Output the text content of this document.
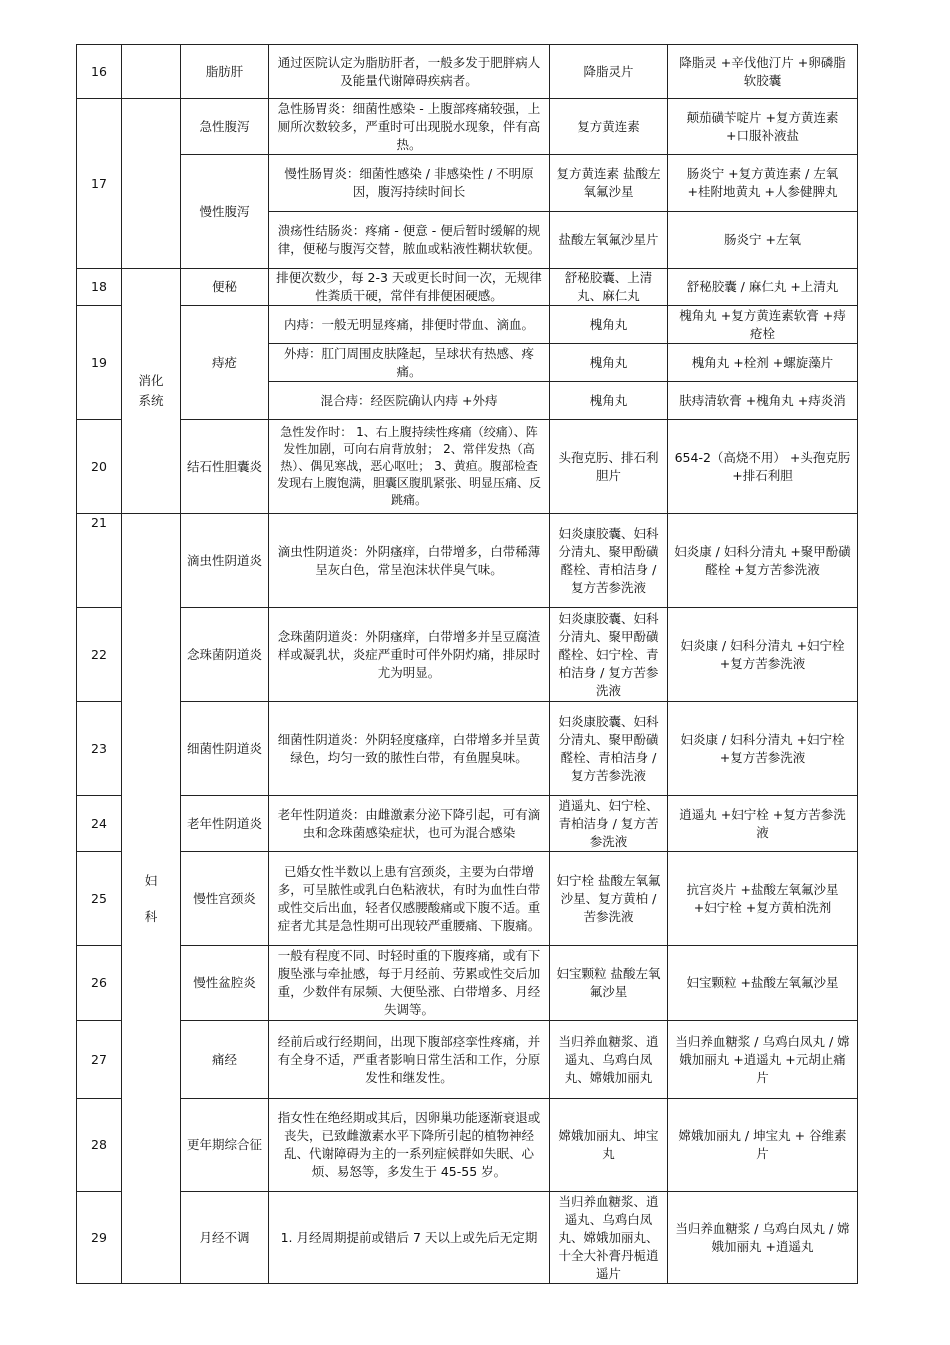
16		脂肪肝	通过医院认定为脂肪肝者，一般多发于肥胖病人及能量代谢障碍疾病者。	降脂灵片	降脂灵 +辛伐他汀片 +卵磷脂软胶囊
17		急性腹泻	急性肠胃炎：细菌性感染 - 上腹部疼痛较强，上厕所次数较多，严重时可出现脱水现象，伴有高热。	复方黄连素	颠茄磺苄啶片 +复方黄连素 +口服补液盐
		慢性腹泻	慢性肠胃炎：细菌性感染 / 非感染性 / 不明原因，腹泻持续时间长	复方黄连素 盐酸左氧氟沙星	肠炎宁 +复方黄连素 / 左氧 +桂附地黄丸 +人参健脾丸
			溃疡性结肠炎：疼痛 - 便意 - 便后暂时缓解的规律，便秘与腹泻交替，脓血或粘液性糊状软便。	盐酸左氧氟沙星片	肠炎宁 +左氧
18	消化系统	便秘	排便次数少，每 2-3 天或更长时间一次，无规律性粪质干硬，常伴有排便困硬感。	舒秘胶囊、上清丸、麻仁丸	舒秘胶囊 / 麻仁丸 +上清丸
19		痔疮	内痔：一般无明显疼痛，排便时带血、滴血。	槐角丸	槐角丸 +复方黄连素软膏 +痔疮栓
			外痔：肛门周围皮肤隆起，呈球状有热感、疼痛。	槐角丸	槐角丸 +栓剂 +螺旋藻片
			混合痔：经医院确认内痔 +外痔	槐角丸	肤痔清软膏 +槐角丸 +痔炎消
20		结石性胆囊炎	急性发作时： 1、右上腹持续性疼痛（绞痛）、阵发性加剧，可向右肩背放射； 2、常伴发热（高热）、偶见寒战，恶心呕吐； 3、黄疸。腹部检查发现右上腹饱满，胆囊区腹肌紧张、明显压痛、反跳痛。	头孢克肟、排石利胆片	654-2（高烧不用） +头孢克肟 +排石利胆
21	妇 科	滴虫性阴道炎	滴虫性阴道炎：外阴瘙痒，白带增多，白带稀薄呈灰白色，常呈泡沫状伴臭气味。	妇炎康胶囊、妇科分清丸、聚甲酚磺醛栓、青柏洁身 / 复方苦参洗液	妇炎康 / 妇科分清丸 +聚甲酚磺醛栓 +复方苦参洗液
22		念珠菌阴道炎	念珠菌阴道炎：外阴瘙痒，白带增多并呈豆腐渣样或凝乳状，炎症严重时可伴外阴灼痛，排尿时尤为明显。	妇炎康胶囊、妇科分清丸、聚甲酚磺醛栓、妇宁栓、青柏洁身 / 复方苦参洗液	妇炎康 / 妇科分清丸 +妇宁栓 +复方苦参洗液
23		细菌性阴道炎	细菌性阴道炎：外阴轻度瘙痒，白带增多并呈黄绿色，均匀一致的脓性白带，有鱼腥臭味。	妇炎康胶囊、妇科分清丸、聚甲酚磺醛栓、青柏洁身 / 复方苦参洗液	妇炎康 / 妇科分清丸 +妇宁栓 +复方苦参洗液
24		老年性阴道炎	老年性阴道炎：由雌激素分泌下降引起，可有滴虫和念珠菌感染症状，也可为混合感染	逍遥丸、妇宁栓、青柏洁身 / 复方苦参洗液	逍遥丸 +妇宁栓 +复方苦参洗液
25		慢性宫颈炎	已婚女性半数以上患有宫颈炎，主要为白带增多，可呈脓性或乳白色粘液状，有时为血性白带或性交后出血，轻者仅感腰酸痛或下腹不适。重症者尤其是急性期可出现较严重腰痛、下腹痛。	妇宁栓 盐酸左氧氟沙星、复方黄柏 / 苦参洗液	抗宫炎片 +盐酸左氧氟沙星 +妇宁栓 +复方黄柏洗剂
26		慢性盆腔炎	一般有程度不同、时轻时重的下腹疼痛，或有下腹坠涨与牵扯感，每于月经前、劳累或性交后加重，少数伴有尿频、大便坠涨、白带增多、月经失调等。	妇宝颗粒 盐酸左氧氟沙星	妇宝颗粒 +盐酸左氧氟沙星
27		痛经	经前后或行经期间，出现下腹部痉挛性疼痛，并有全身不适，严重者影响日常生活和工作，分原发性和继发性。	当归养血糖浆、逍遥丸、乌鸡白凤丸、嫦娥加丽丸	当归养血糖浆 / 乌鸡白凤丸 / 嫦娥加丽丸 +逍遥丸 +元胡止痛片
28		更年期综合征	指女性在绝经期或其后，因卵巢功能逐渐衰退或丧失，已致雌激素水平下降所引起的植物神经乱、代谢障碍为主的一系列症候群如失眠、心烦、易怒等，多发生于 45-55 岁。	嫦娥加丽丸、坤宝丸	嫦娥加丽丸 / 坤宝丸 + 谷维素片
29		月经不调	1. 月经周期提前或错后 7 天以上或先后无定期	当归养血糖浆、逍遥丸、乌鸡白凤丸、嫦娥加丽丸、十全大补膏丹栀逍遥片	当归养血糖浆 / 乌鸡白凤丸 / 嫦娥加丽丸 +逍遥丸
